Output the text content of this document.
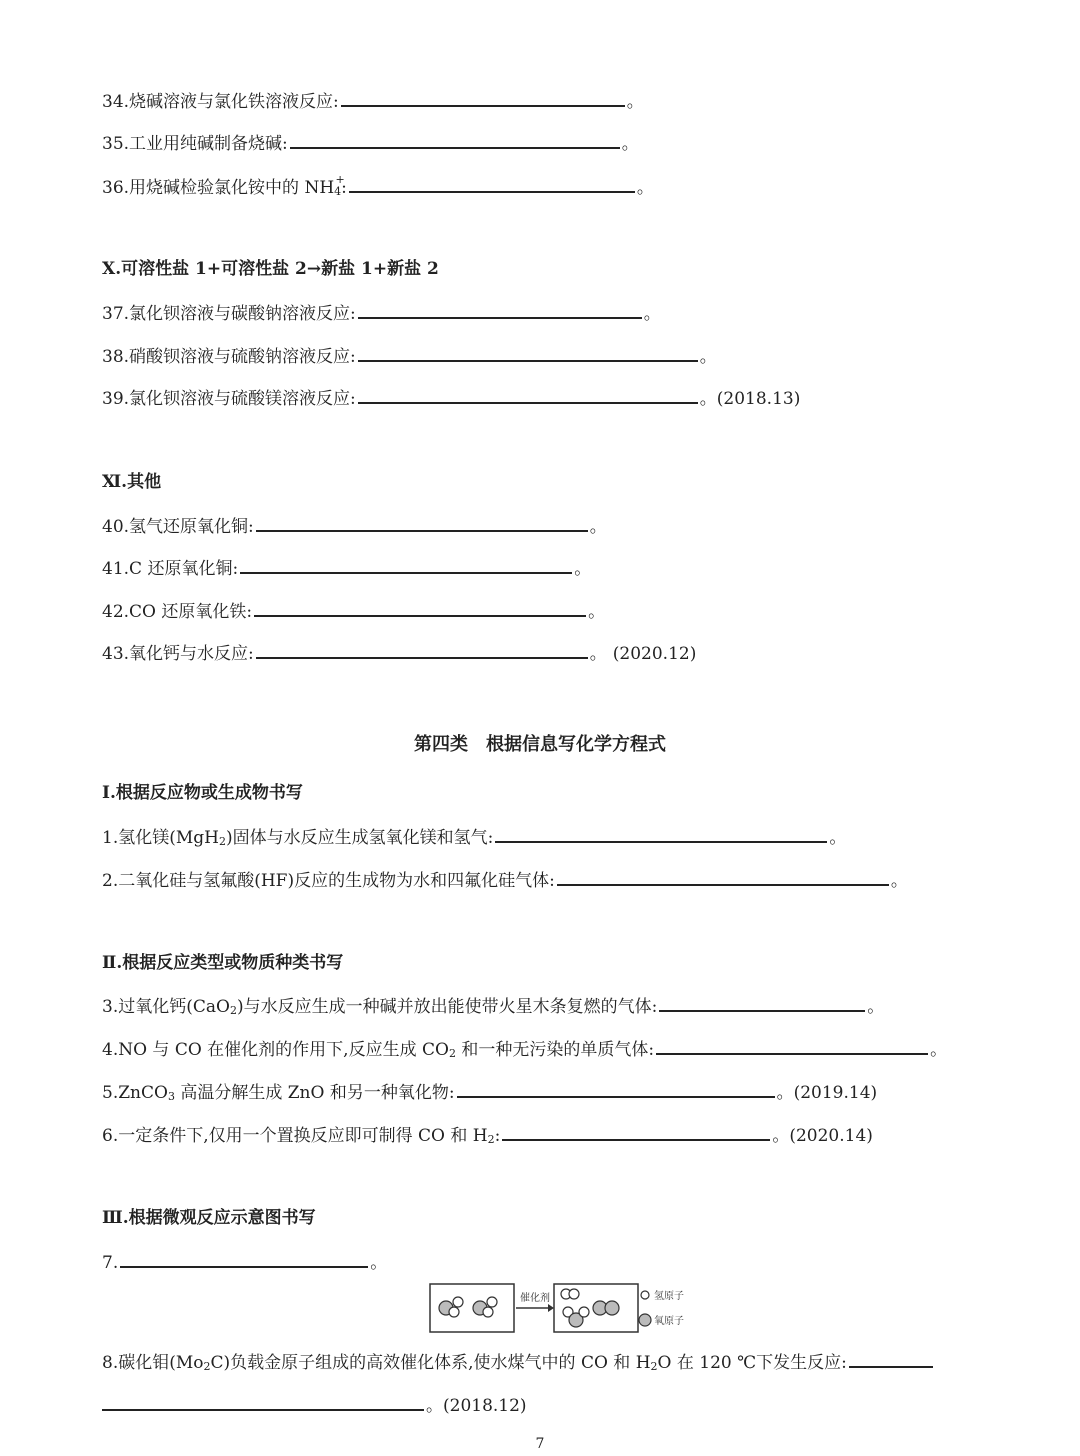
34.烧碱溶液与氯化铁溶液反应:	。
35.工业用纯碱制备烧碱:	。
36.用烧碱检验氯化铵中的 NH4
+
:	。
Ⅹ.可溶性盐 1+可溶性盐 2→新盐 1+新盐 2
37.氯化钡溶液与碳酸钠溶液反应:	。
38.硝酸钡溶液与硫酸钠溶液反应:	。
39.氯化钡溶液与硫酸镁溶液反应:	。(2018.13)
Ⅺ.其他
40.氢气还原氧化铜:	。
41.C 还原氧化铜:	。
42.CO 还原氧化铁:	。
43.氧化钙与水反应:	。 (2020.12)
第四类　根据信息写化学方程式
Ⅰ.根据反应物或生成物书写
1.氢化镁(MgH2)固体与水反应生成氢氧化镁和氢气:	。
2.二氧化硅与氢氟酸(HF)反应的生成物为水和四氟化硅气体:	。
Ⅱ.根据反应类型或物质种类书写
3.过氧化钙(CaO2)与水反应生成一种碱并放出能使带火星木条复燃的气体:	。
4.NO 与 CO 在催化剂的作用下,反应生成 CO2 和一种无污染的单质气体:	。
5.ZnCO3 高温分解生成 ZnO 和另一种氧化物:	。(2019.14)
6.一定条件下,仅用一个置换反应即可制得 CO 和 H2:	。(2020.14)
Ⅲ.根据微观反应示意图书写
7.	。
催化剂	氢原子
氧原子
8.碳化钼(Mo2C)负载金原子组成的高效催化体系,使水煤气中的 CO 和 H2O 在 120 ℃下发生反应:
。(2018.12)
7
